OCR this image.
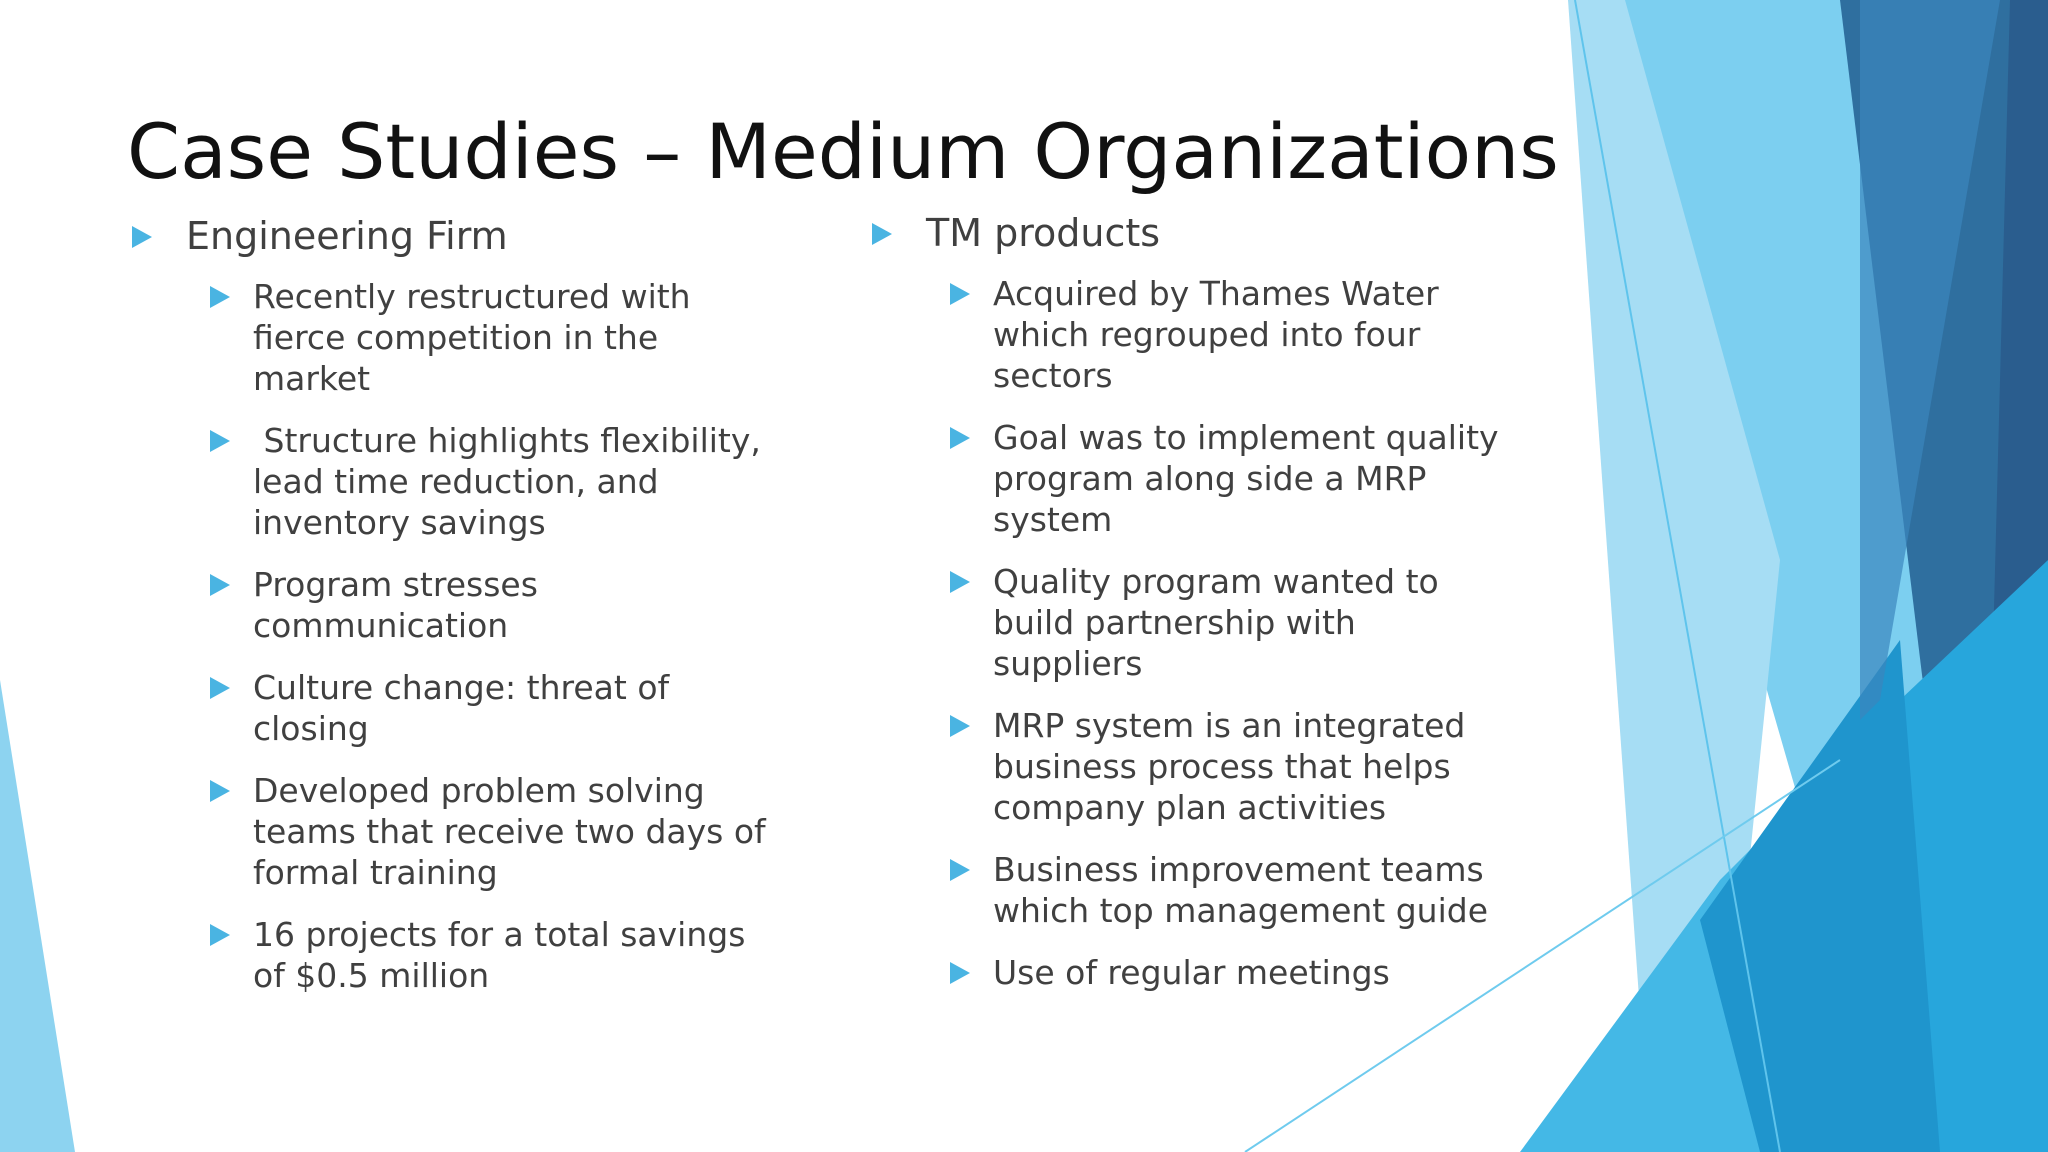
Case Studies – Medium Organizations
Engineering Firm
Recently restructured with fierce competition in the market
Structure highlights flexibility, lead time reduction, and inventory savings
Program stresses communication
Culture change: threat of closing
Developed problem solving teams that receive two days of formal training
16 projects for a total savings of $0.5 million
TM products
Acquired by Thames Water which regrouped into four sectors
Goal was to implement quality program along side a MRP system
Quality program wanted to build partnership with suppliers
MRP system is an integrated business process that helps company plan activities
Business improvement teams which top management guide
Use of regular meetings
